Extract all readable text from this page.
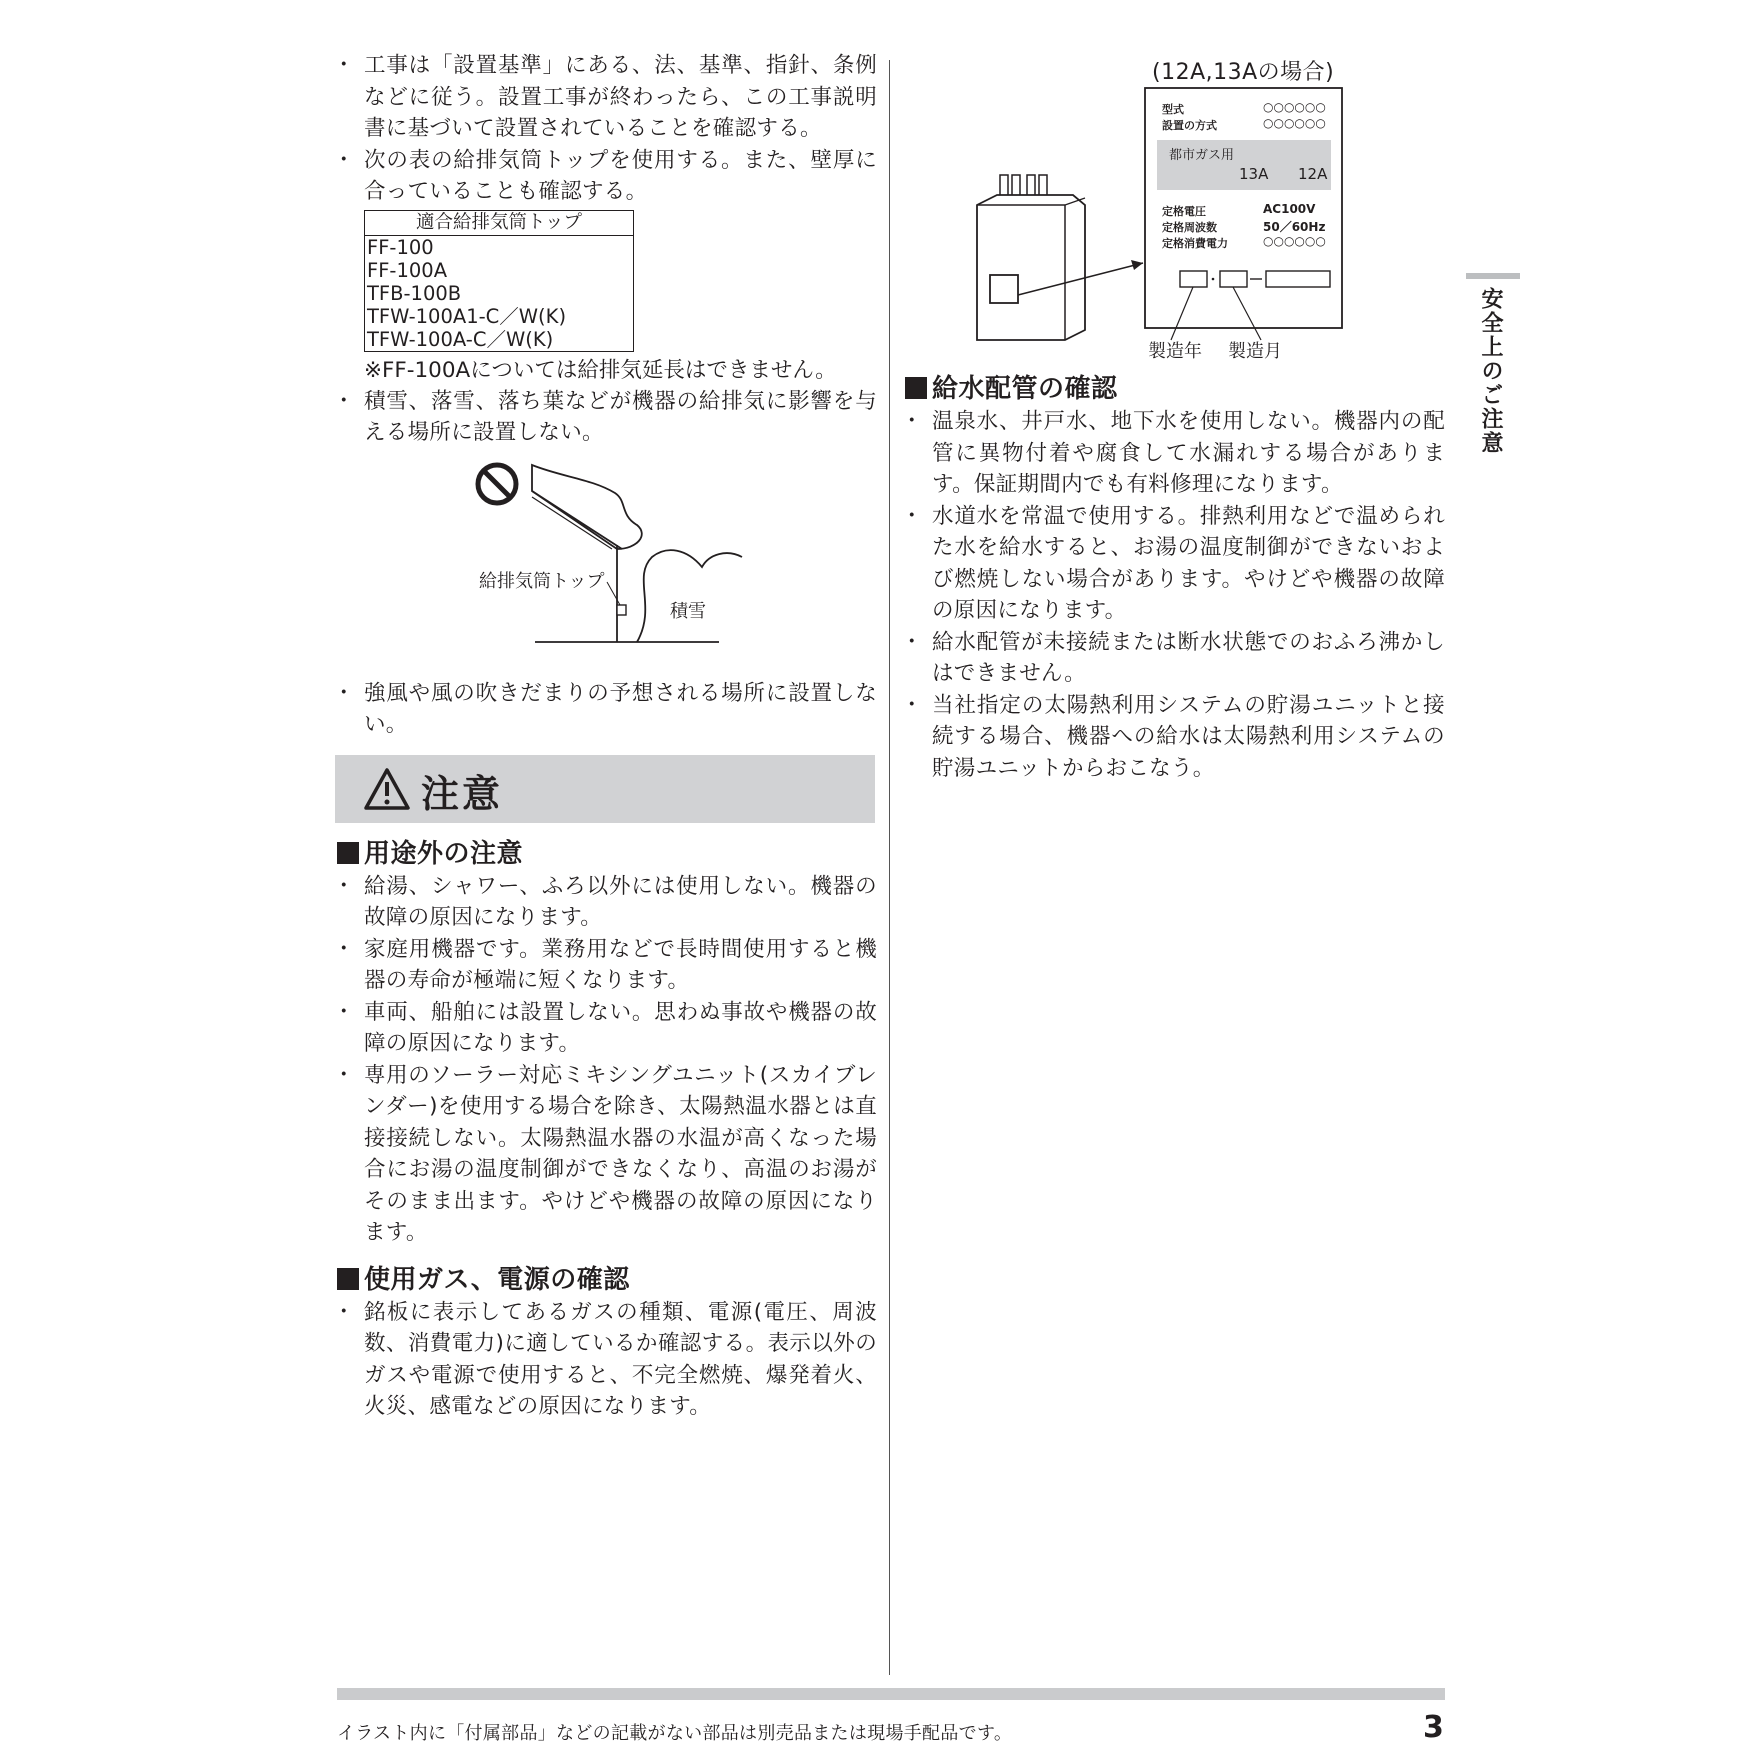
・ 工事は「設置基準」にある、法、基準、指針、条例などに従う。設置工事が終わったら、この工事説明書に基づいて設置されていることを確認する。
・ 次の表の給排気筒トップを使用する。また、壁厚に合っていることも確認する。
適合給排気筒トップ
FF-100
FF-100A
TFB-100B
TFW-100A1-C／W(K)
TFW-100A-C／W(K)
※FF-100Aについては給排気延長はできません。
・ 積雪、落雪、落ち葉などが機器の給排気に影響を与える場所に設置しない。
給排気筒トップ
積雪
・ 強風や風の吹きだまりの予想される場所に設置しない。
注意
用途外の注意
・ 給湯、シャワー、ふろ以外には使用しない。機器の故障の原因になります。
・ 家庭用機器です。業務用などで長時間使用すると機器の寿命が極端に短くなります。
・ 車両、船舶には設置しない。思わぬ事故や機器の故障の原因になります。
・ 専用のソーラー対応ミキシングユニット(スカイブレンダー)を使用する場合を除き、太陽熱温水器とは直接接続しない。太陽熱温水器の水温が高くなった場合にお湯の温度制御ができなくなり、高温のお湯がそのまま出ます。やけどや機器の故障の原因になります。
使用ガス、電源の確認
・ 銘板に表示してあるガスの種類、電源(電圧、周波数、消費電力)に適しているか確認する。表示以外のガスや電源で使用すると、不完全燃焼、爆発着火、火災、感電などの原因になります。
(12A,13Aの場合)
型式	○○○○○○
設置の方式	○○○○○○
都市ガス用
13A 12A
定格電圧	AC100V
定格周波数	50／60Hz
定格消費電力	○○○○○○
製造年 製造月
給水配管の確認
・ 温泉水、井戸水、地下水を使用しない。機器内の配管に異物付着や腐食して水漏れする場合があります。保証期間内でも有料修理になります。
・ 水道水を常温で使用する。排熱利用などで温められた水を給水すると、お湯の温度制御ができないおよび燃焼しない場合があります。やけどや機器の故障の原因になります。
・ 給水配管が未接続または断水状態でのおふろ沸かしはできません。
・ 当社指定の太陽熱利用システムの貯湯ユニットと接続する場合、機器への給水は太陽熱利用システムの貯湯ユニットからおこなう。
安全上のご注意
イラスト内に「付属部品」などの記載がない部品は別売品または現場手配品です。	3
